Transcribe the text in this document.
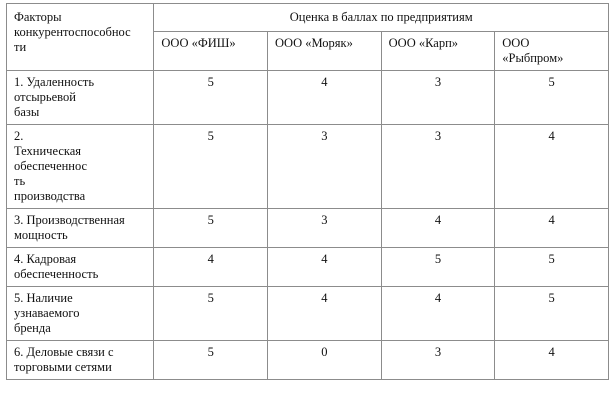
Факторы
конкурентоспособнос
ти	Оценка в баллах по предприятиям			
	ООО «ФИШ»	ООО «Моряк»	ООО «Карп»	ООО
«Рыбпром»
1. Удаленность
отсырьевой
базы	5	4	3	5
2.
Техническая
обеспеченнос
ть
производства	5	3	3	4
3. Производственная
мощность	5	3	4	4
4. Кадровая
обеспеченность	4	4	5	5
5. Наличие
узнаваемого
бренда	5	4	4	5
6. Деловые связи с
торговыми сетями	5	0	3	4
